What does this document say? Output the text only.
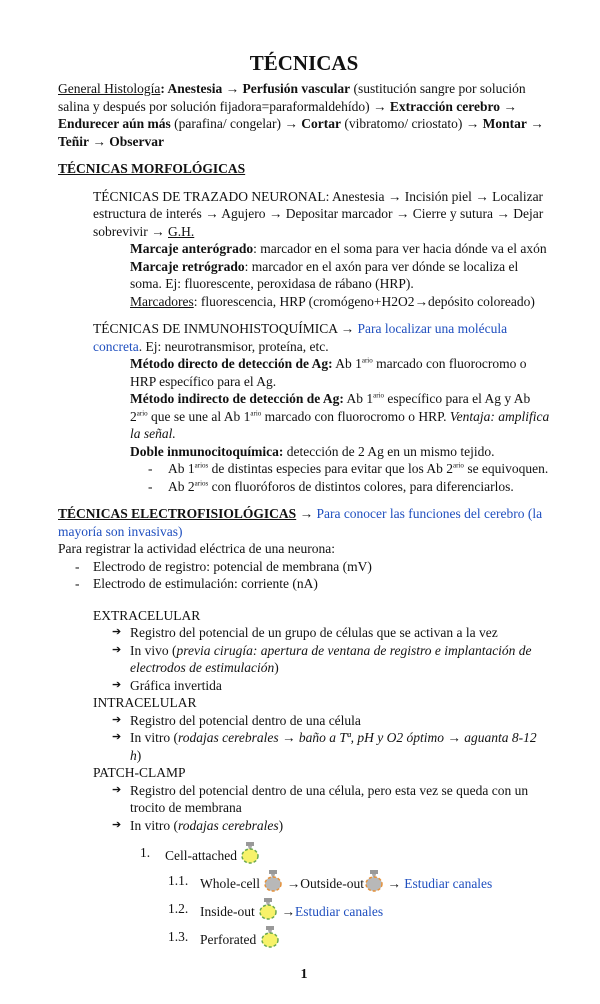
TÉCNICAS
General Histología: Anestesia → Perfusión vascular (sustitución sangre por solución salina y después por solución fijadora=paraformaldehído) → Extracción cerebro → Endurecer aún más (parafina/ congelar) → Cortar (vibratomo/ criostato) → Montar → Teñir → Observar
TÉCNICAS MORFOLÓGICAS
TÉCNICAS DE TRAZADO NEURONAL: Anestesia → Incisión piel → Localizar estructura de interés → Agujero → Depositar marcador → Cierre y sutura → Dejar sobrevivir → G.H.
Marcaje anterógrado: marcador en el soma para ver hacia dónde va el axón
Marcaje retrógrado: marcador en el axón para ver dónde se localiza el soma. Ej: fluorescente, peroxidasa de rábano (HRP).
Marcadores: fluorescencia, HRP (cromógeno+H2O2→depósito coloreado)
TÉCNICAS DE INMUNOHISTOQUÍMICA → Para localizar una molécula concreta. Ej: neurotransmisor, proteína, etc.
Método directo de detección de Ag: Ab $1^{ario}$ marcado con fluorocromo o HRP específico para el Ag.
Método indirecto de detección de Ag: Ab $1^{ario}$ específico para el Ag y Ab $2^{ario}$ que se une al Ab $1^{ario}$ marcado con fluorocromo o HRP. Ventaja: amplifica la señal.
Doble inmunocitoquímica: detección de 2 Ag en un mismo tejido.
- Ab $1^{arios}$ de distintas especies para evitar que los Ab $2^{ario}$ se equivoquen.
- Ab $2^{arios}$ con fluoróforos de distintos colores, para diferenciarlos.
TÉCNICAS ELECTROFISIOLÓGICAS → Para conocer las funciones del cerebro (la mayoría son invasivas)
Para registrar la actividad eléctrica de una neurona:
- Electrodo de registro: potencial de membrana (mV)
- Electrodo de estimulación: corriente (nA)
EXTRACELULAR
➔ Registro del potencial de un grupo de células que se activan a la vez
➔ In vivo (previa cirugía: apertura de ventana de registro e implantación de electrodos de estimulación)
➔ Gráfica invertida
INTRACELULAR
➔ Registro del potencial dentro de una célula
➔ In vitro (rodajas cerebrales → baño a Tª, pH y O2 óptimo → aguanta 8-12 h)
PATCH-CLAMP
➔ Registro del potencial dentro de una célula, pero esta vez se queda con un trocito de membrana
➔ In vitro (rodajas cerebrales)
1. Cell-attached
1.1. Whole-cell →Outside-out → Estudiar canales
1.2. Inside-out →Estudiar canales
1.3. Perforated
1
